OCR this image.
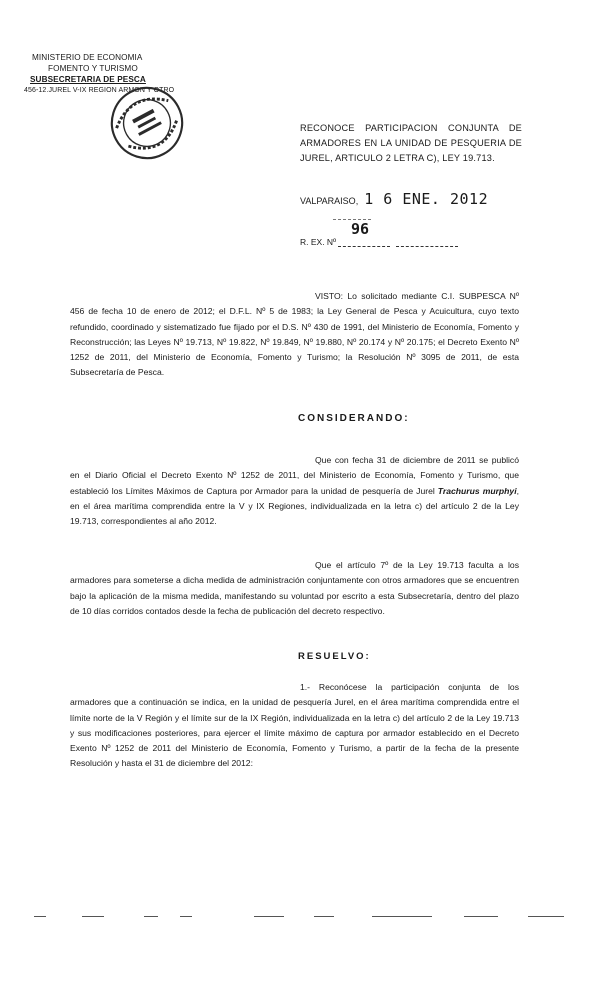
MINISTERIO DE ECONOMIA
FOMENTO Y TURISMO
SUBSECRETARIA DE PESCA
456-12.JUREL V-IX REGION ARMON Y OTRO
RECONOCE PARTICIPACION CONJUNTA DE ARMADORES EN LA UNIDAD DE PESQUERIA DE JUREL, ARTICULO 2 LETRA C), LEY 19.713.
VALPARAISO, 1 6 ENE. 2012
R. EX. Nº
96
VISTO: Lo solicitado mediante C.I. SUBPESCA Nº 456 de fecha 10 de enero de 2012; el D.F.L. Nº 5 de 1983; la Ley General de Pesca y Acuicultura, cuyo texto refundido, coordinado y sistematizado fue fijado por el D.S. Nº 430 de 1991, del Ministerio de Economía, Fomento y Reconstrucción; las Leyes Nº 19.713, Nº 19.822, Nº 19.849, Nº 19.880, Nº 20.174 y Nº 20.175; el Decreto Exento Nº 1252 de 2011, del Ministerio de Economía, Fomento y Turismo; la Resolución Nº 3095 de 2011, de esta Subsecretaría de Pesca.
CONSIDERANDO:
Que con fecha 31 de diciembre de 2011 se publicó en el Diario Oficial el Decreto Exento Nº 1252 de 2011, del Ministerio de Economía, Fomento y Turismo, que estableció los Límites Máximos de Captura por Armador para la unidad de pesquería de Jurel Trachurus murphyi, en el área marítima comprendida entre la V y IX Regiones, individualizada en la letra c) del artículo 2 de la Ley 19.713, correspondientes al año 2012.
Que el artículo 7º de la Ley 19.713 faculta a los armadores para someterse a dicha medida de administración conjuntamente con otros armadores que se encuentren bajo la aplicación de la misma medida, manifestando su voluntad por escrito a esta Subsecretaría, dentro del plazo de 10 días corridos contados desde la fecha de publicación del decreto respectivo.
RESUELVO:
1.- Reconócese la participación conjunta de los armadores que a continuación se indica, en la unidad de pesquería Jurel, en el área marítima comprendida entre el límite norte de la V Región y el límite sur de la IX Región, individualizada en la letra c) del artículo 2 de la Ley 19.713 y sus modificaciones posteriores, para ejercer el límite máximo de captura por armador establecido en el Decreto Exento Nº 1252 de 2011 del Ministerio de Economía, Fomento y Turismo, a partir de la fecha de la presente Resolución y hasta el 31 de diciembre del 2012:
